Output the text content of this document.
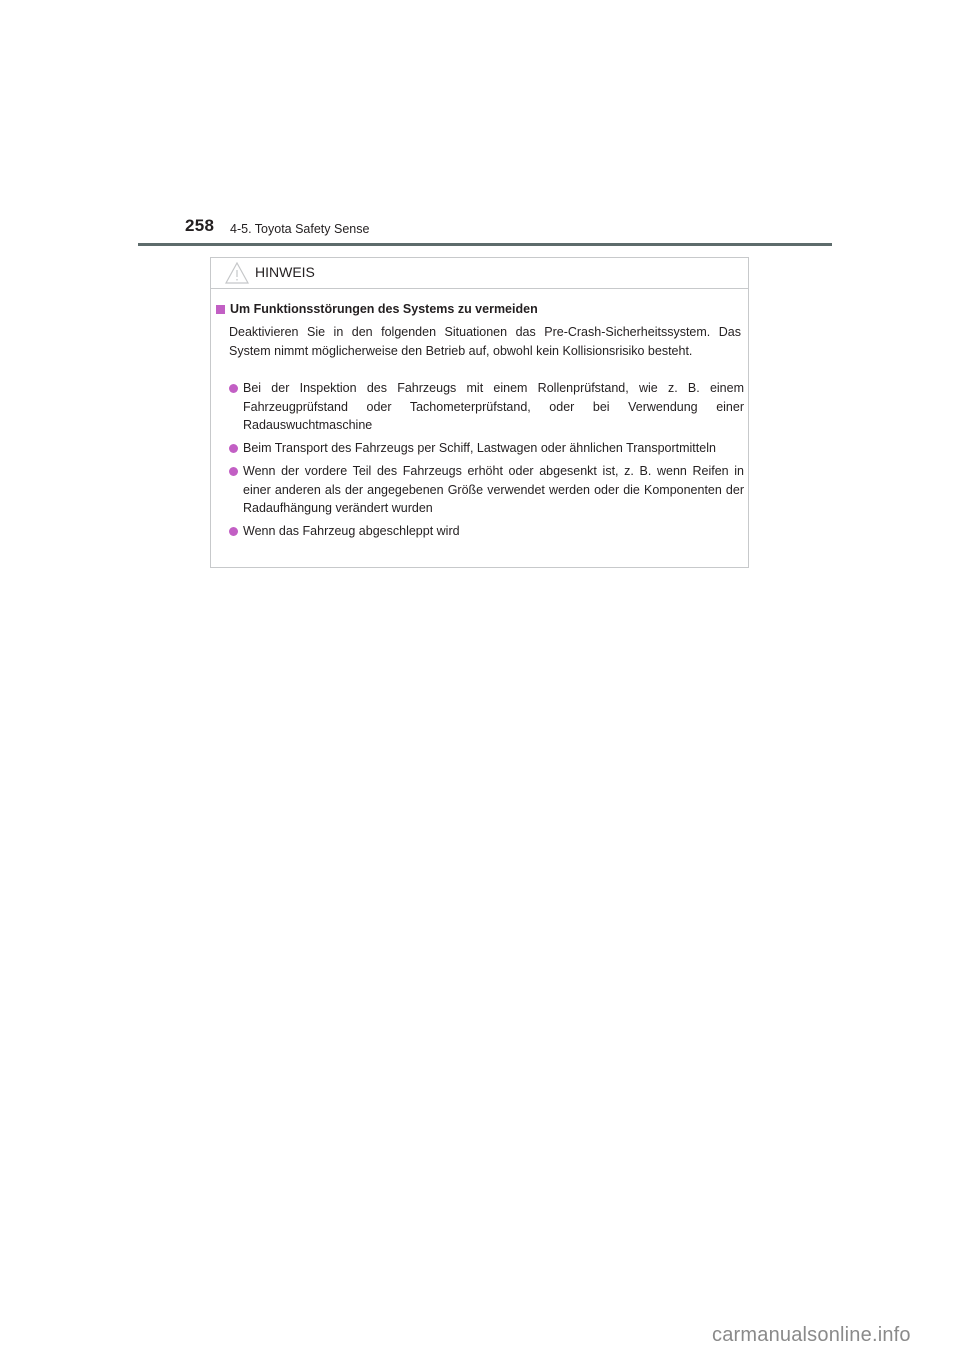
258 4-5. Toyota Safety Sense
HINWEIS
Um Funktionsstörungen des Systems zu vermeiden
Deaktivieren Sie in den folgenden Situationen das Pre-Crash-Sicherheitssystem. Das System nimmt möglicherweise den Betrieb auf, obwohl kein Kollisionsrisiko besteht.
Bei der Inspektion des Fahrzeugs mit einem Rollenprüfstand, wie z. B. einem Fahrzeugprüfstand oder Tachometerprüfstand, oder bei Verwendung einer Radauswuchtmaschine
Beim Transport des Fahrzeugs per Schiff, Lastwagen oder ähnlichen Transportmitteln
Wenn der vordere Teil des Fahrzeugs erhöht oder abgesenkt ist, z. B. wenn Reifen in einer anderen als der angegebenen Größe verwendet werden oder die Komponenten der Radaufhängung verändert wurden
Wenn das Fahrzeug abgeschleppt wird
carmanualsonline.info
